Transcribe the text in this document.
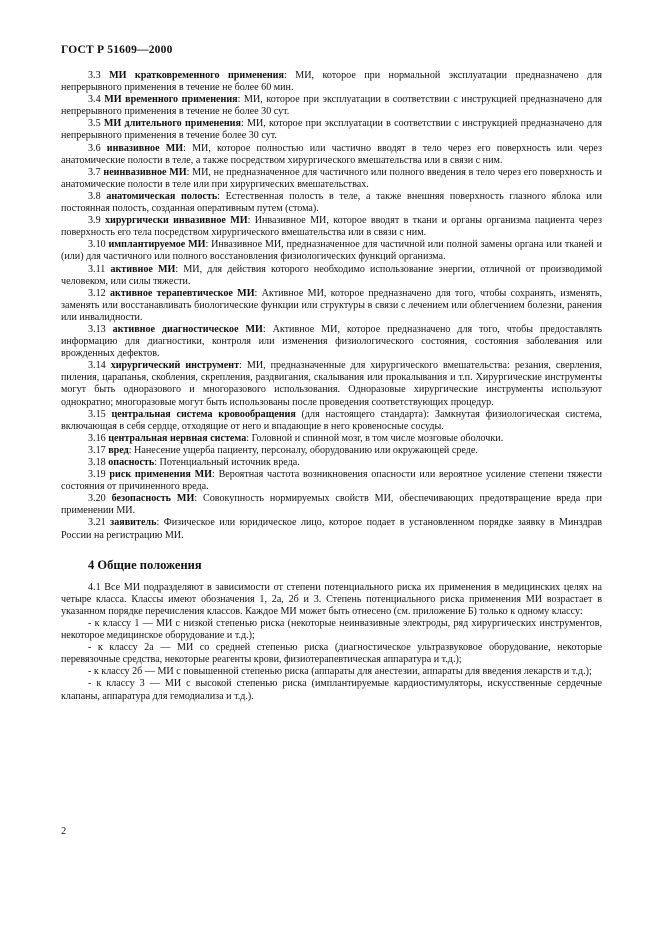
ГОСТ Р 51609—2000

3.3 МИ кратковременного применения: МИ, которое при нормальной эксплуатации предназначено для непрерывного применения в течение не более 60 мин.

3.4 МИ временного применения: МИ, которое при эксплуатации в соответствии с инструкцией предназначено для непрерывного применения в течение не более 30 сут.

3.5 МИ длительного применения: МИ, которое при эксплуатации в соответствии с инструкцией предназначено для непрерывного применения в течение более 30 сут.

3.6 инвазивное МИ: МИ, которое полностью или частично вводят в тело через его поверхность или через анатомические полости в теле, а также посредством хирургического вмешательства или в связи с ним.

3.7 неинвазивное МИ: МИ, не предназначенное для частичного или полного введения в тело через его поверхность и анатомические полости в теле или при хирургических вмешательствах.

3.8 анатомическая полость: Естественная полость в теле, а также внешняя поверхность глазного яблока или постоянная полость, созданная оперативным путем (стома).

3.9 хирургически инвазивное МИ: Инвазивное МИ, которое вводят в ткани и органы организма пациента через поверхность его тела посредством хирургического вмешательства или в связи с ним.

3.10 имплантируемое МИ: Инвазивное МИ, предназначенное для частичной или полной замены органа или тканей и (или) для частичного или полного восстановления физиологических функций организма.

3.11 активное МИ: МИ, для действия которого необходимо использование энергии, отличной от производимой человеком, или силы тяжести.

3.12 активное терапевтическое МИ: Активное МИ, которое предназначено для того, чтобы сохранять, изменять, заменять или восстанавливать биологические функции или структуры в связи с лечением или облегчением болезни, ранения или инвалидности.

3.13 активное диагностическое МИ: Активное МИ, которое предназначено для того, чтобы предоставлять информацию для диагностики, контроля или изменения физиологического состояния, состояния заболевания или врожденных дефектов.

3.14 хирургический инструмент: МИ, предназначенные для хирургического вмешательства: резания, сверления, пиления, царапанья, скобления, скрепления, раздвигания, скалывания или прокалывания и т.п. Хирургические инструменты могут быть одноразового и многоразового использования. Одноразовые хирургические инструменты используют однократно; многоразовые могут быть использованы после проведения соответствующих процедур.

3.15 центральная система кровообращения (для настоящего стандарта): Замкнутая физиологическая система, включающая в себя сердце, отходящие от него и впадающие в него кровеносные сосуды.

3.16 центральная нервная система: Головной и спинной мозг, в том числе мозговые оболочки.

3.17 вред: Нанесение ущерба пациенту, персоналу, оборудованию или окружающей среде.

3.18 опасность: Потенциальный источник вреда.

3.19 риск применения МИ: Вероятная частота возникновения опасности или вероятное усиление степени тяжести состояния от причиненного вреда.

3.20 безопасность МИ: Совокупность нормируемых свойств МИ, обеспечивающих предотвращение вреда при применении МИ.

3.21 заявитель: Физическое или юридическое лицо, которое подает в установленном порядке заявку в Минздрав России на регистрацию МИ.

4 Общие положения

4.1 Все МИ подразделяют в зависимости от степени потенциального риска их применения в медицинских целях на четыре класса. Классы имеют обозначения 1, 2а, 2б и 3. Степень потенциального риска применения МИ возрастает в указанном порядке перечисления классов. Каждое МИ может быть отнесено (см. приложение Б) только к одному классу:

- к классу 1 — МИ с низкой степенью риска (некоторые неинвазивные электроды, ряд хирургических инструментов, некоторое медицинское оборудование и т.д.);

- к классу 2а — МИ со средней степенью риска (диагностическое ультразвуковое оборудование, некоторые перевязочные средства, некоторые реагенты крови, физиотерапевтическая аппаратура и т.д.);

- к классу 2б — МИ с повышенной степенью риска (аппараты для анестезии, аппараты для введения лекарств и т.д.);

- к классу 3 — МИ с высокой степенью риска (имплантируемые кардиостимуляторы, искусственные сердечные клапаны, аппаратура для гемодиализа и т.д.).

2
